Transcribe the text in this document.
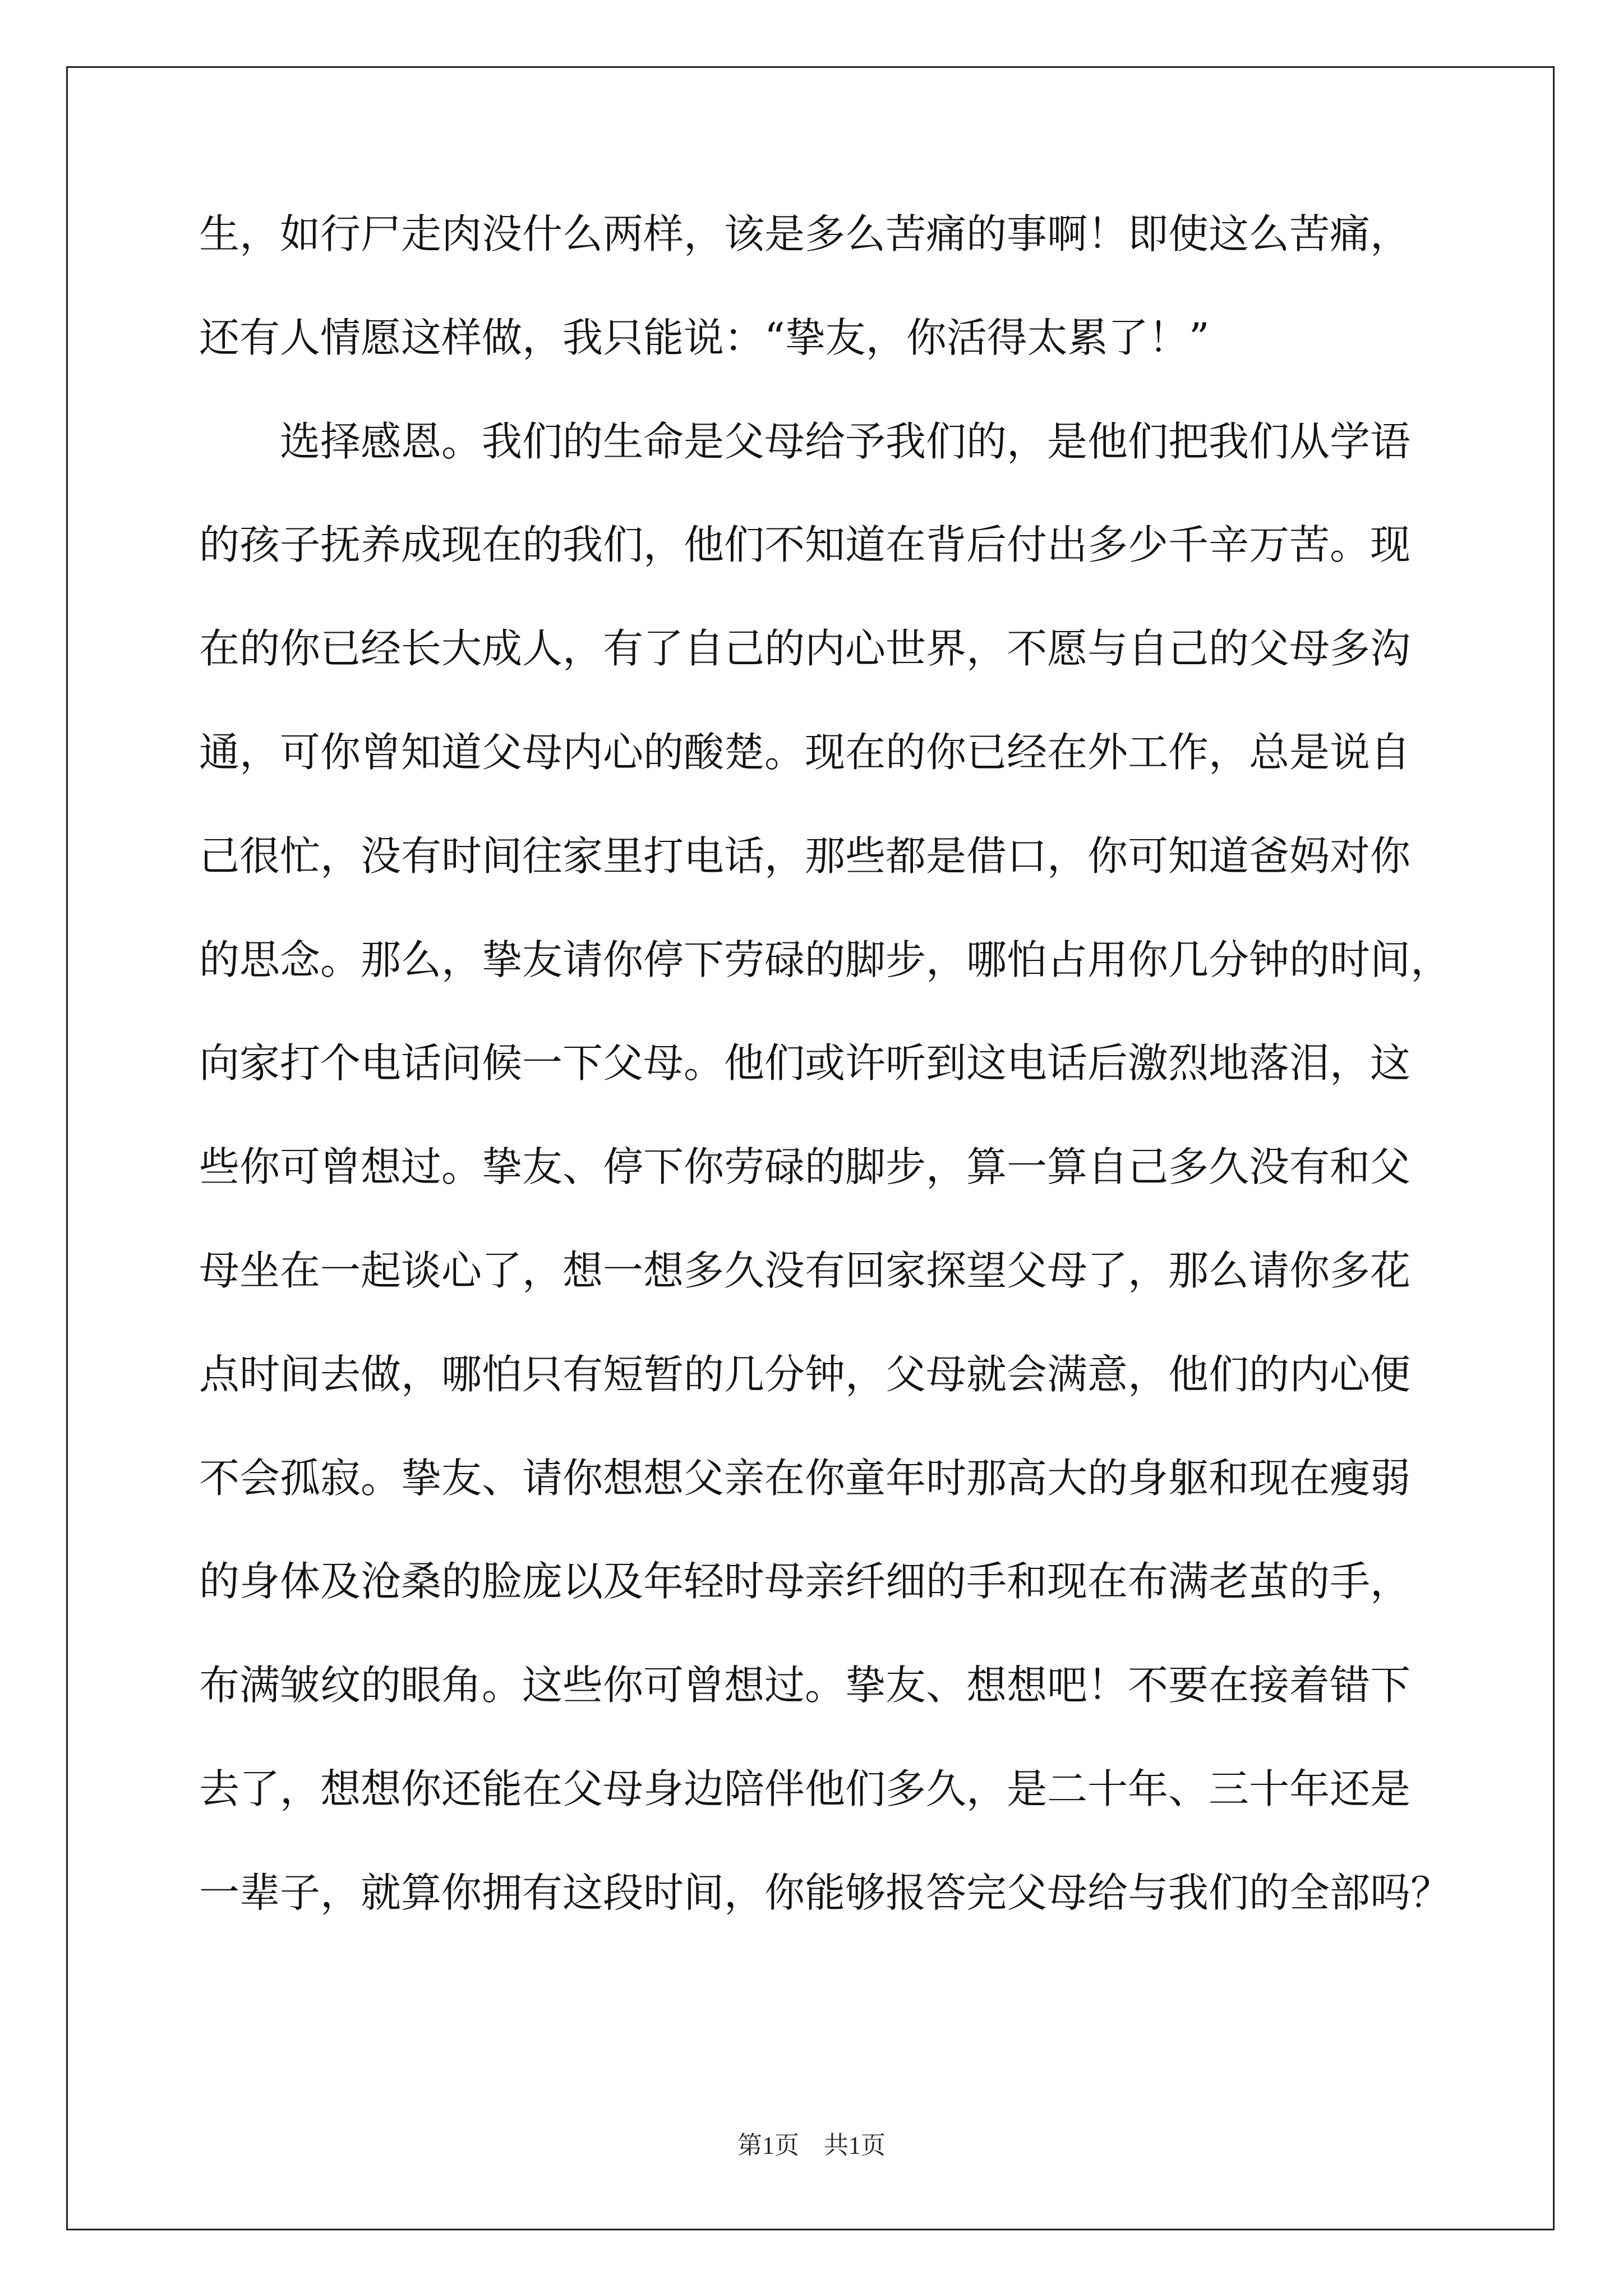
生，如行尸走肉没什么两样，该是多么苦痛的事啊！即使这么苦痛，
还有人情愿这样做，我只能说：“挚友，你活得太累了！”
　　选择感恩。我们的生命是父母给予我们的，是他们把我们从学语
的孩子抚养成现在的我们，他们不知道在背后付出多少千辛万苦。现
在的你已经长大成人，有了自己的内心世界，不愿与自己的父母多沟
通，可你曾知道父母内心的酸楚。现在的你已经在外工作，总是说自
己很忙，没有时间往家里打电话，那些都是借口，你可知道爸妈对你
的思念。那么，挚友请你停下劳碌的脚步，哪怕占用你几分钟的时间，
向家打个电话问候一下父母。他们或许听到这电话后激烈地落泪，这
些你可曾想过。挚友、停下你劳碌的脚步，算一算自己多久没有和父
母坐在一起谈心了，想一想多久没有回家探望父母了，那么请你多花
点时间去做，哪怕只有短暂的几分钟，父母就会满意，他们的内心便
不会孤寂。挚友、请你想想父亲在你童年时那高大的身躯和现在瘦弱
的身体及沧桑的脸庞以及年轻时母亲纤细的手和现在布满老茧的手，
布满皱纹的眼角。这些你可曾想过。挚友、想想吧！不要在接着错下
去了，想想你还能在父母身边陪伴他们多久，是二十年、三十年还是
一辈子，就算你拥有这段时间，你能够报答完父母给与我们的全部吗？
第1页　共1页
